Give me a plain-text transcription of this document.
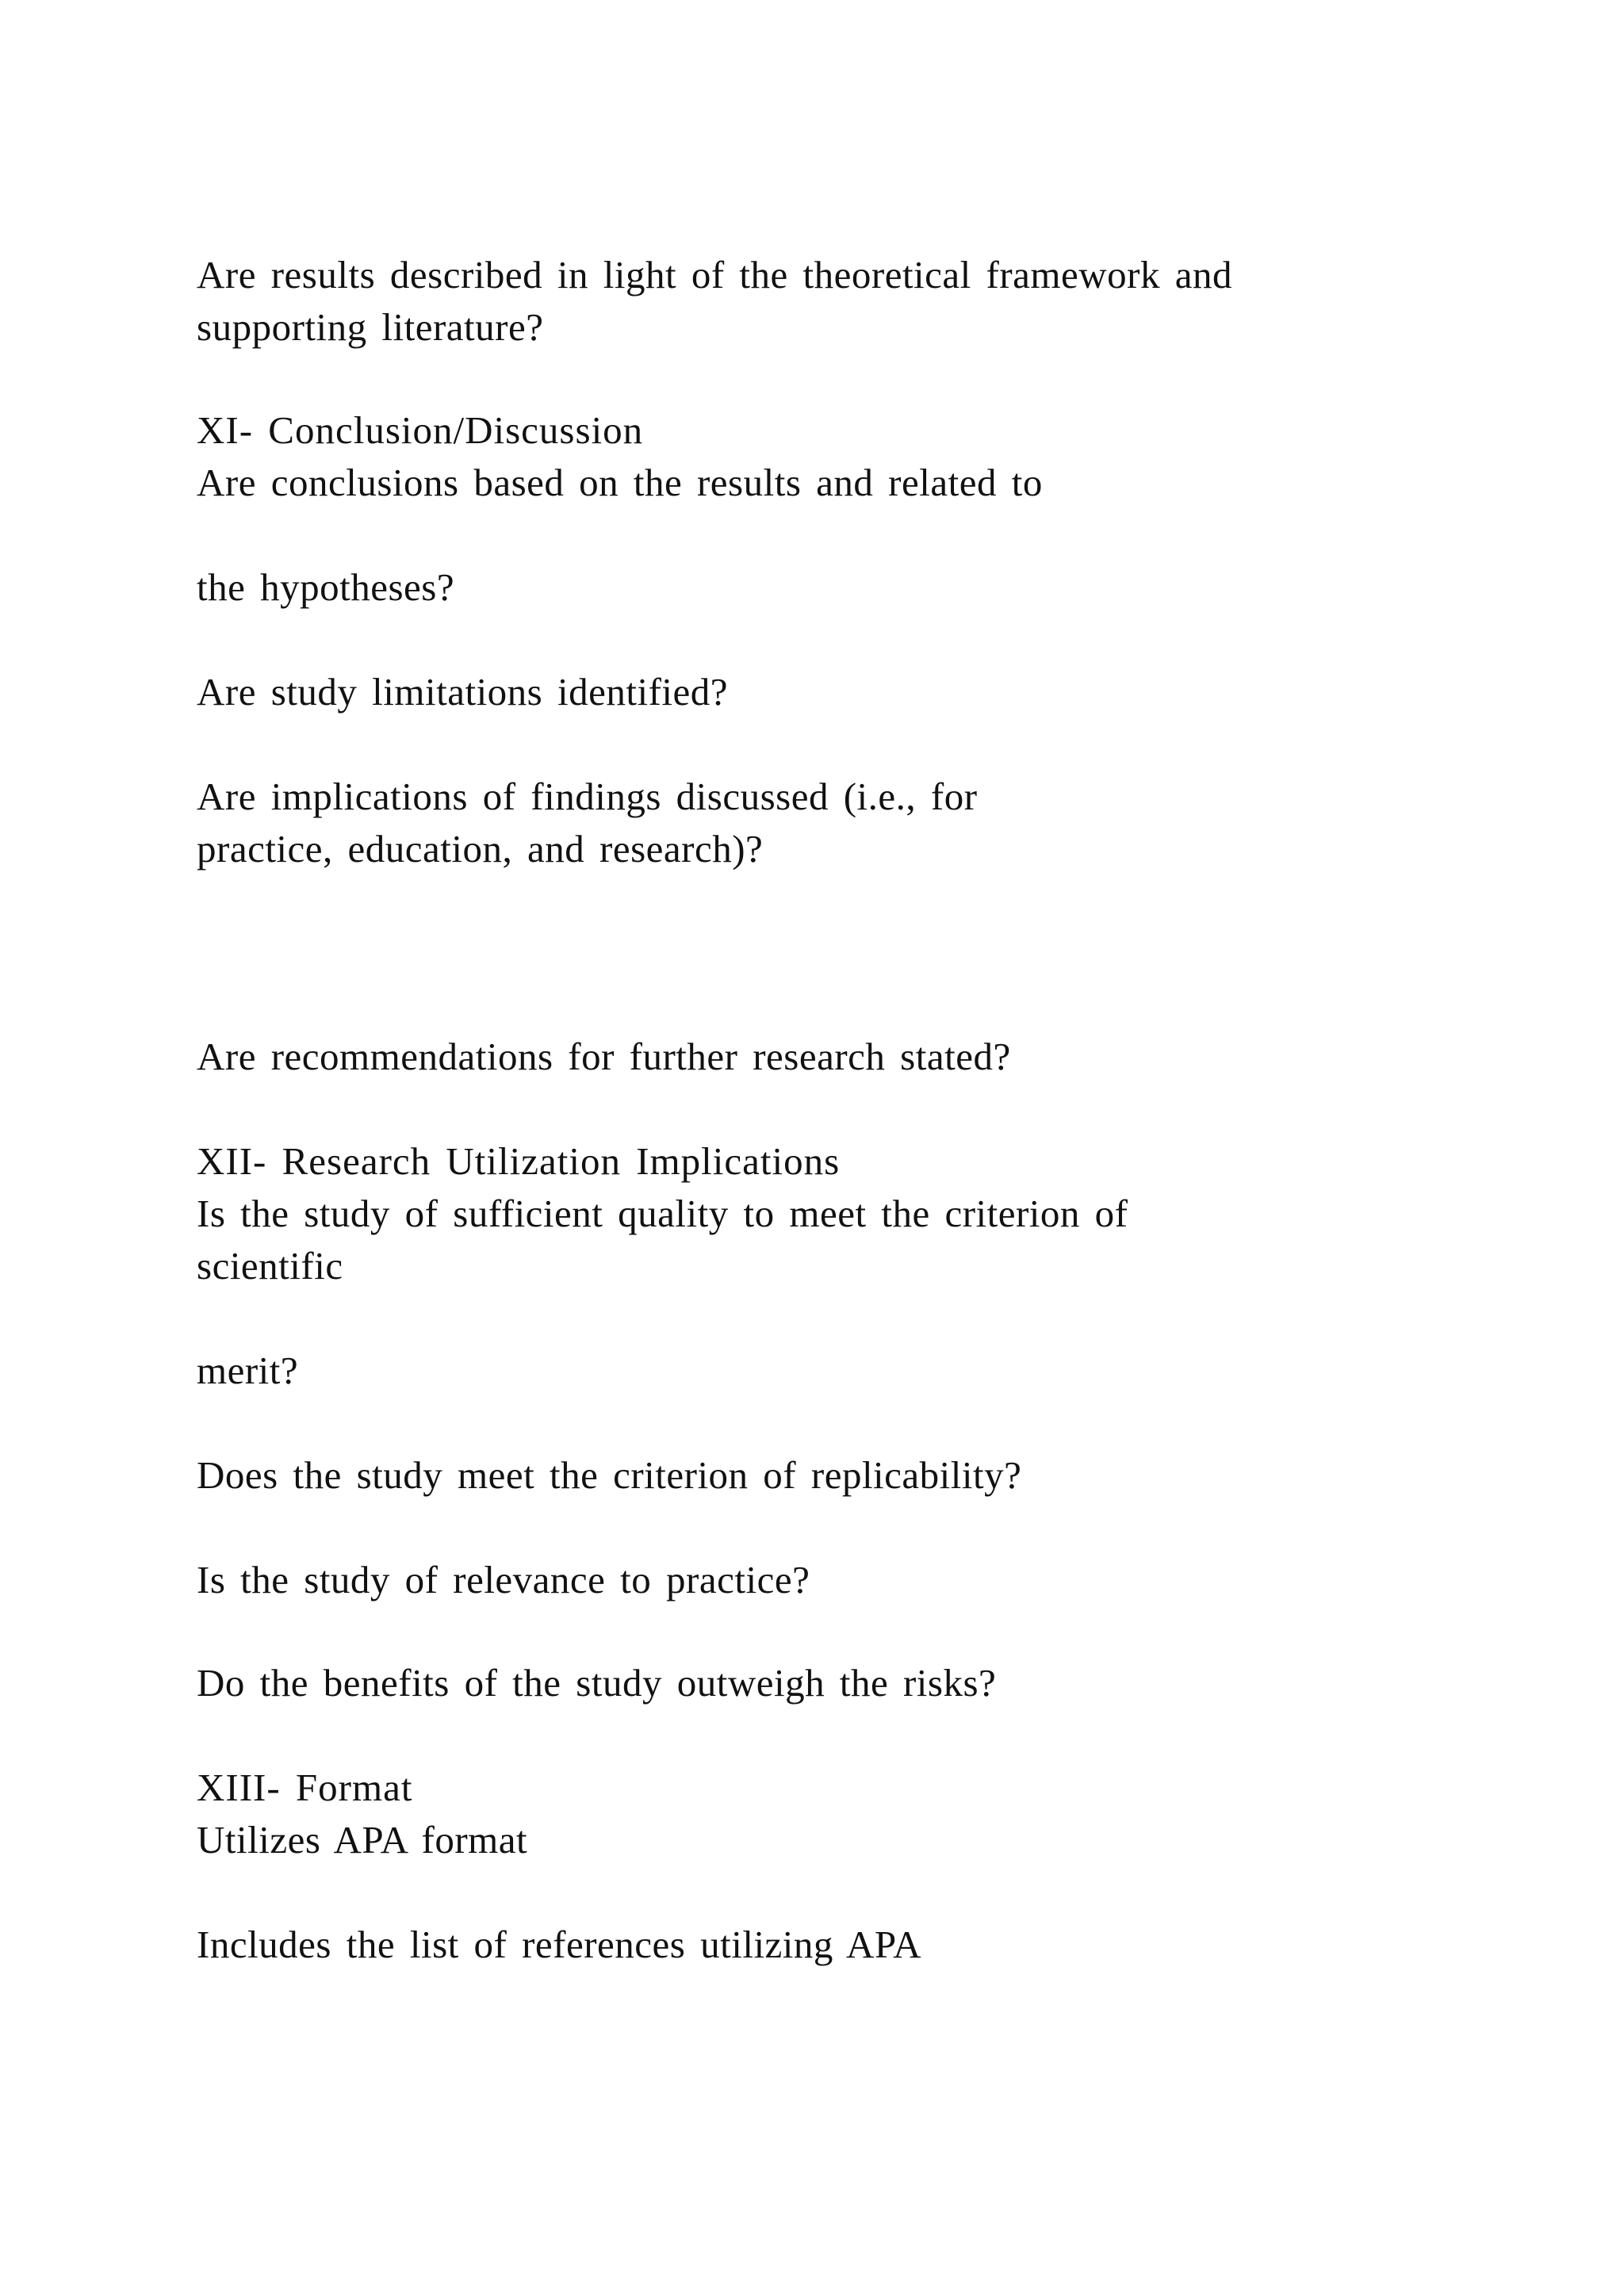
Are results described in light of the theoretical framework and

supporting literature?

XI- Conclusion/Discussion

Are conclusions based on the results and related to

the hypotheses?

Are study limitations identified?

Are implications of findings discussed (i.e., for

practice, education, and research)?

Are recommendations for further research stated?

XII- Research Utilization Implications

Is the study of sufficient quality to meet the criterion of

scientific

merit?

Does the study meet the criterion of replicability?

Is the study of relevance to practice?

Do the benefits of the study outweigh the risks?

XIII- Format

Utilizes APA format

Includes the list of references utilizing APA
